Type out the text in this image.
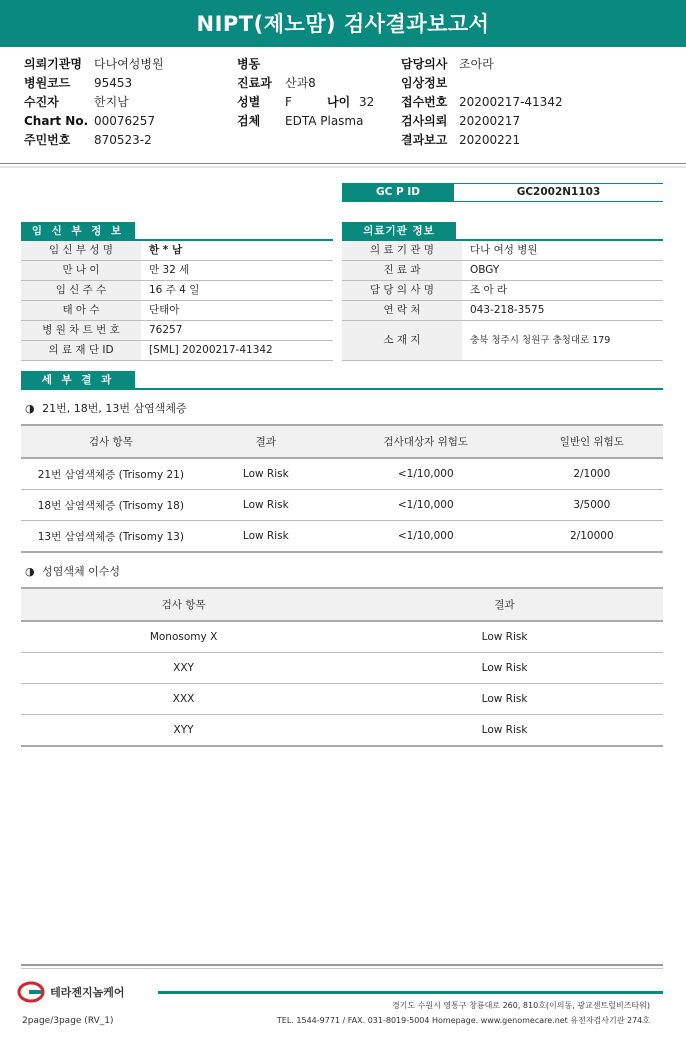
NIPT(제노맘) 검사결과보고서
의뢰기관명 다나여성병원
병원코드 95453
수진자	한지남
Chart No. 00076257
주민번호 870523-2
병동
진료과 산과8
성별 F	나이 32
검체 EDTA Plasma
담당의사 조아라
임상정보
접수번호 20200217-41342
검사의뢰 20200217
결과보고 20200221
GC P ID	GC2002N1103
임 신 부 정 보
임 신 부 성 명	한 * 남
만 나 이	만 32 세
임 신 주 수	16 주 4 일
태 아 수	단태아
병 원 차 트 번 호	76257
의 료 재 단 ID	[SML] 20200217-41342
의료기관 정보
의 료 기 관 명	다나 여성 병원
진 료 과	OBGY
담 당 의 사 명	조 아 라
연 락 처	043-218-3575
소 재 지	충북 청주시 청원구 충청대로 179
세 부 결 과
◑ 21번, 18번, 13번 삼염색체증
검사 항목	결과	검사대상자 위험도	일반인 위험도
21번 삼염색체증 (Trisomy 21)	Low Risk	<1/10,000	2/1000
18번 삼염색체증 (Trisomy 18)	Low Risk	<1/10,000	3/5000
13번 삼염색체증 (Trisomy 13)	Low Risk	<1/10,000	2/10000
◑ 성염색체 이수성
검사 항목	결과
Monosomy X	Low Risk
XXY	Low Risk
XXX	Low Risk
XYY	Low Risk
테라젠지놈케어
경기도 수원시 영통구 창룡대로 260, 810호(이의동, 광교센트럴비즈타워)
TEL. 1544-9771 / FAX. 031-8019-5004 Homepage. www.genomecare.net 유전자검사기관 274호
2page/3page (RV_1)
